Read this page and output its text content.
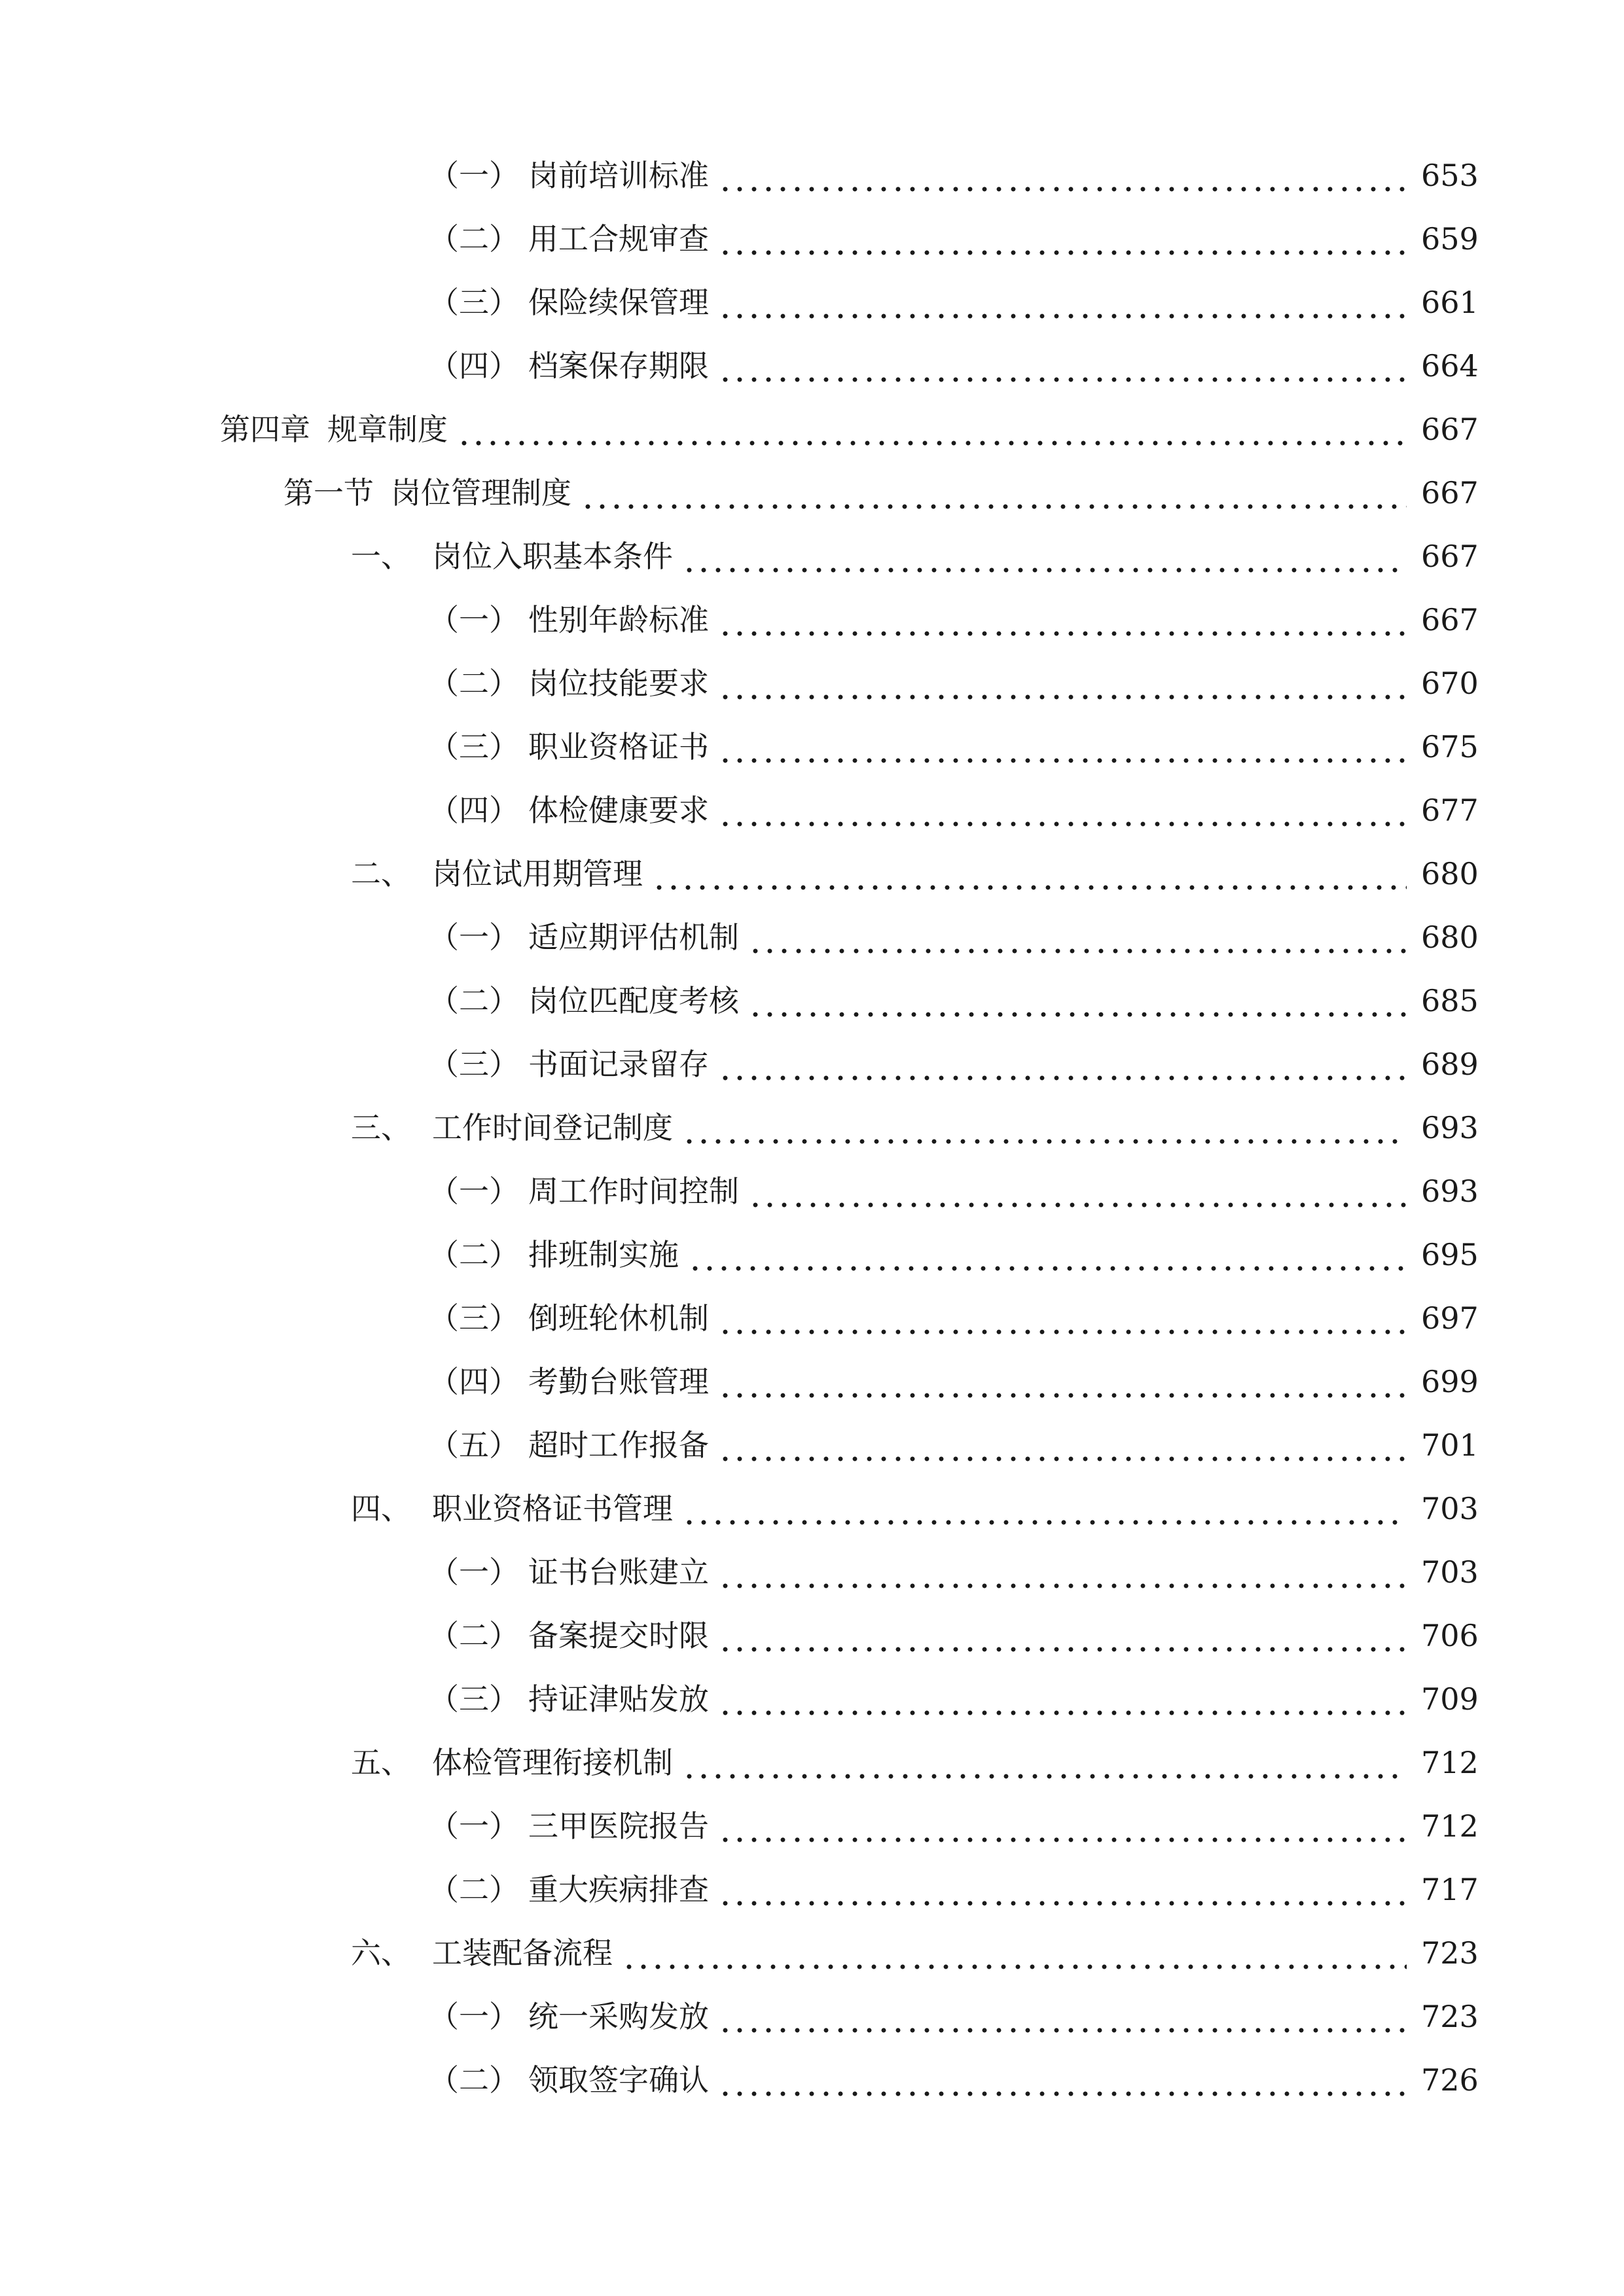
（一） 岗前培训标准	653
（二） 用工合规审查	659
（三） 保险续保管理	661
（四） 档案保存期限	664
第四章 规章制度	667
第一节 岗位管理制度	667
一、 岗位入职基本条件	667
（一） 性别年龄标准	667
（二） 岗位技能要求	670
（三） 职业资格证书	675
（四） 体检健康要求	677
二、 岗位试用期管理	680
（一） 适应期评估机制	680
（二） 岗位匹配度考核	685
（三） 书面记录留存	689
三、 工作时间登记制度	693
（一） 周工作时间控制	693
（二） 排班制实施	695
（三） 倒班轮休机制	697
（四） 考勤台账管理	699
（五） 超时工作报备	701
四、 职业资格证书管理	703
（一） 证书台账建立	703
（二） 备案提交时限	706
（三） 持证津贴发放	709
五、 体检管理衔接机制	712
（一） 三甲医院报告	712
（二） 重大疾病排查	717
六、 工装配备流程	723
（一） 统一采购发放	723
（二） 领取签字确认	726
